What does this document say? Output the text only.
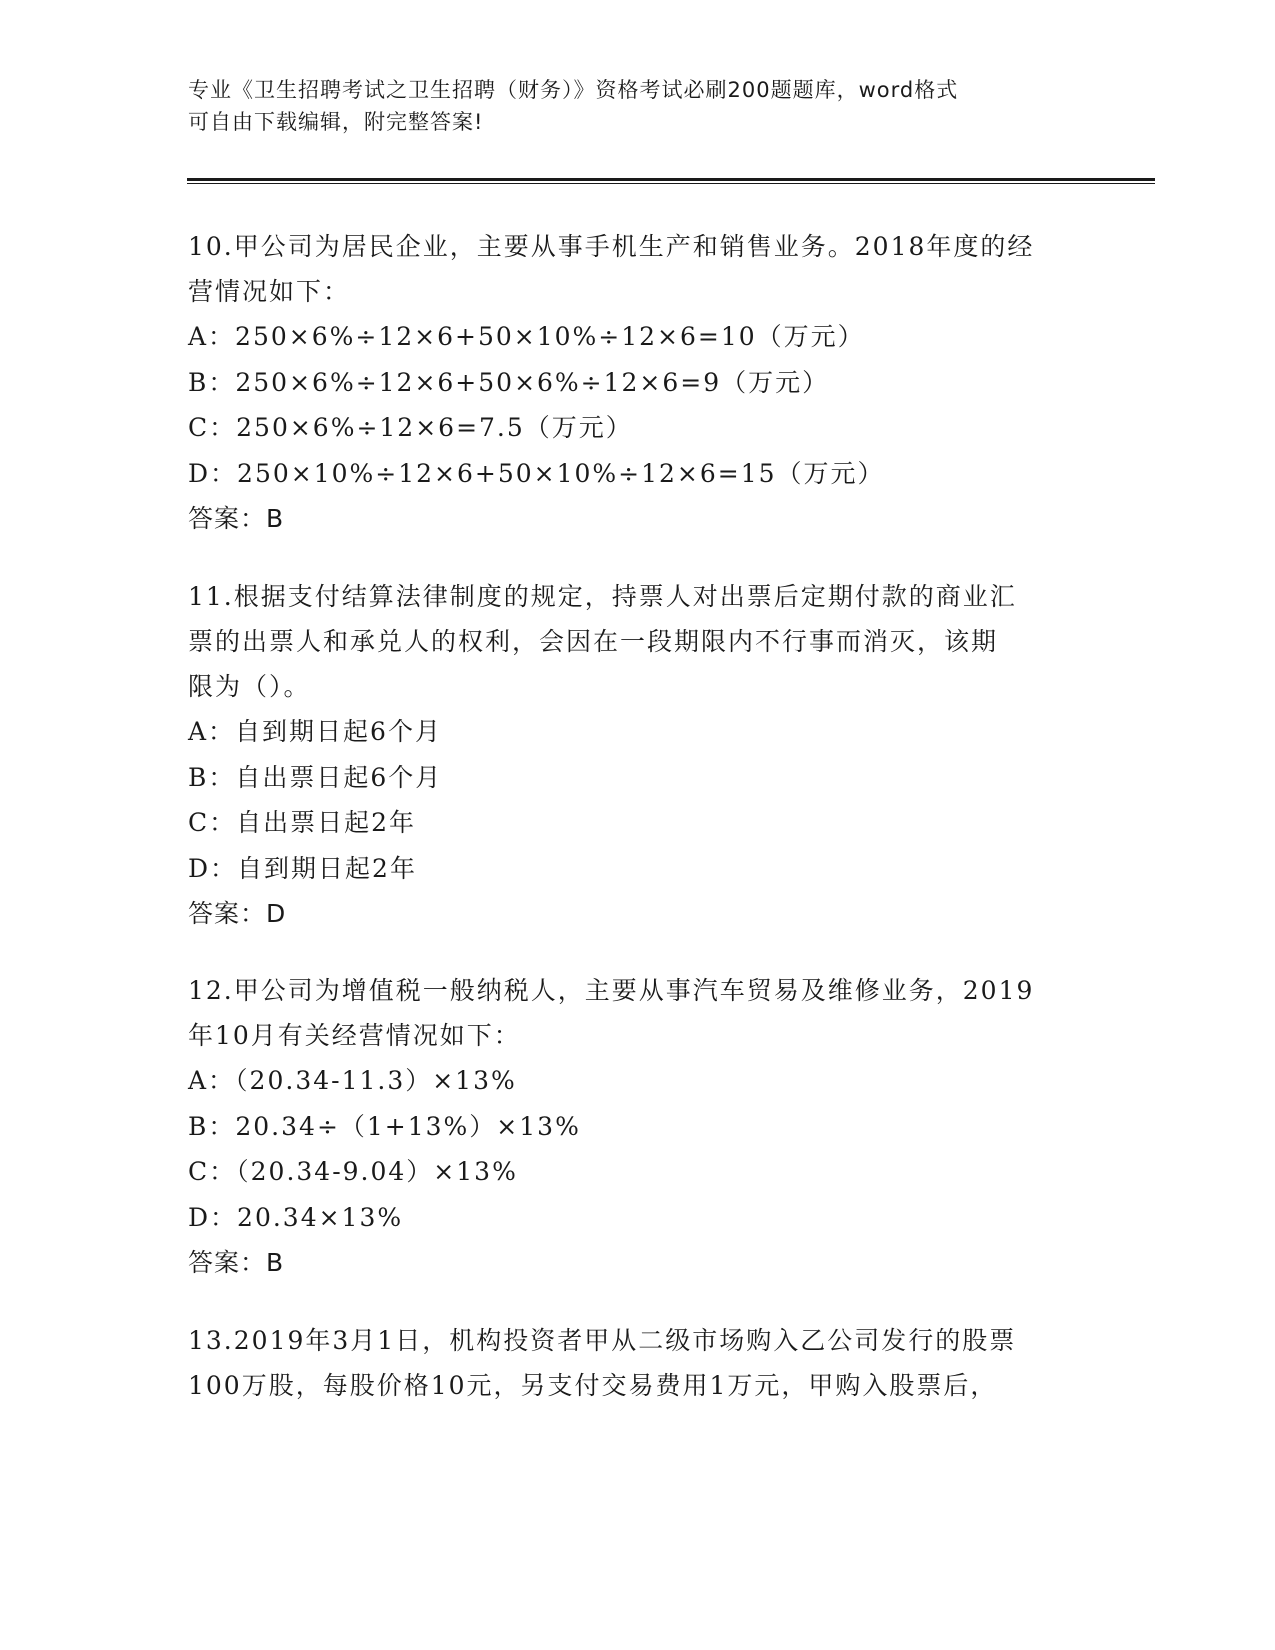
专业《卫生招聘考试之卫生招聘（财务）》资格考试必刷200题题库，word格式
可自由下载编辑，附完整答案!
10.甲公司为居民企业，主要从事手机生产和销售业务。2018年度的经
营情况如下：
A：250×6%÷12×6+50×10%÷12×6=10（万元）
B：250×6%÷12×6+50×6%÷12×6=9（万元）
C：250×6%÷12×6=7.5（万元）
D：250×10%÷12×6+50×10%÷12×6=15（万元）
答案：B
11.根据支付结算法律制度的规定，持票人对出票后定期付款的商业汇
票的出票人和承兑人的权利，会因在一段期限内不行事而消灭，该期
限为（）。
A：自到期日起6个月
B：自出票日起6个月
C：自出票日起2年
D：自到期日起2年
答案：D
12.甲公司为增值税一般纳税人，主要从事汽车贸易及维修业务，2019
年10月有关经营情况如下：
A：（20.34-11.3）×13%
B：20.34÷（1+13%）×13%
C：（20.34-9.04）×13%
D：20.34×13%
答案：B
13.2019年3月1日，机构投资者甲从二级市场购入乙公司发行的股票
100万股，每股价格10元，另支付交易费用1万元，甲购入股票后，
